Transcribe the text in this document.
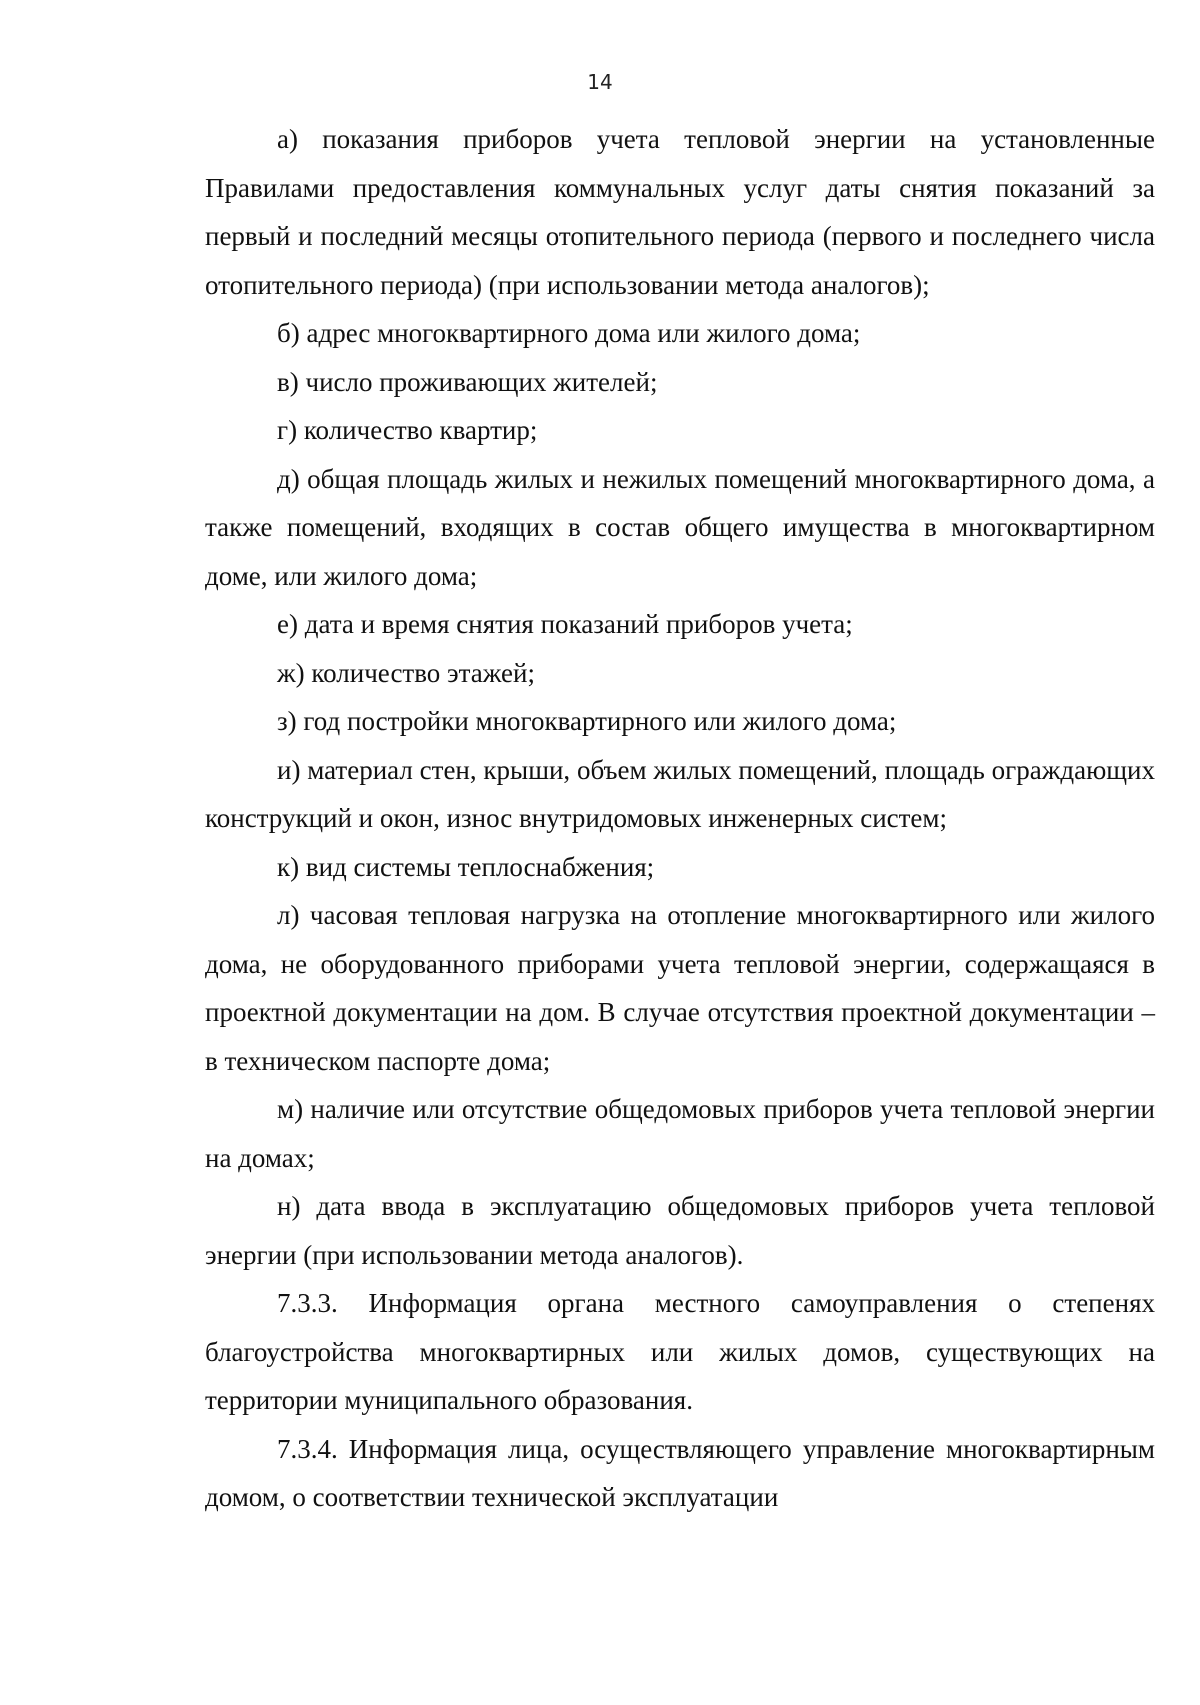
14

а) показания приборов учета тепловой энергии на установленные Правилами предоставления коммунальных услуг даты снятия показаний за первый и последний месяцы отопительного периода (первого и последнего числа отопительного периода) (при использовании метода аналогов);

б) адрес многоквартирного дома или жилого дома;

в) число проживающих жителей;

г) количество квартир;

д) общая площадь жилых и нежилых помещений многоквартирного дома, а также помещений, входящих в состав общего имущества в многоквартирном доме, или жилого дома;

е) дата и время снятия показаний приборов учета;

ж) количество этажей;

з) год постройки многоквартирного или жилого дома;

и) материал стен, крыши, объем жилых помещений, площадь ограждающих конструкций и окон, износ внутридомовых инженерных систем;

к) вид системы теплоснабжения;

л) часовая тепловая нагрузка на отопление многоквартирного или жилого дома, не оборудованного приборами учета тепловой энергии, содержащаяся в проектной документации на дом. В случае отсутствия проектной документации – в техническом паспорте дома;

м) наличие или отсутствие общедомовых приборов учета тепловой энергии на домах;

н) дата ввода в эксплуатацию общедомовых приборов учета тепловой энергии (при использовании метода аналогов).

7.3.3. Информация органа местного самоуправления о степенях благоустройства многоквартирных или жилых домов, существующих на территории муниципального образования.

7.3.4. Информация лица, осуществляющего управление многоквартирным домом, о соответствии технической эксплуатации
